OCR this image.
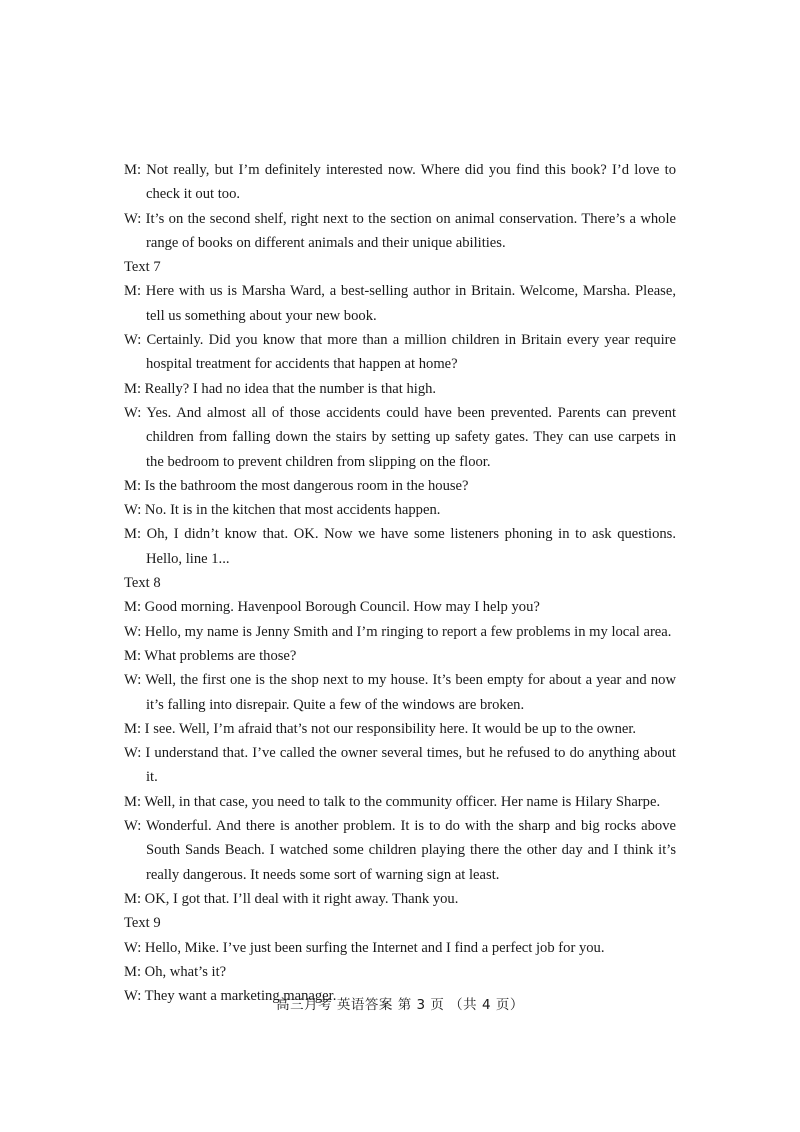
M: Not really, but I’m definitely interested now. Where did you find this book? I’d love to check it out too.
W: It’s on the second shelf, right next to the section on animal conservation. There’s a whole range of books on different animals and their unique abilities.
Text 7
M: Here with us is Marsha Ward, a best-selling author in Britain. Welcome, Marsha. Please, tell us something about your new book.
W: Certainly. Did you know that more than a million children in Britain every year require hospital treatment for accidents that happen at home?
M: Really? I had no idea that the number is that high.
W: Yes. And almost all of those accidents could have been prevented. Parents can prevent children from falling down the stairs by setting up safety gates. They can use carpets in the bedroom to prevent children from slipping on the floor.
M: Is the bathroom the most dangerous room in the house?
W: No. It is in the kitchen that most accidents happen.
M: Oh, I didn’t know that. OK. Now we have some listeners phoning in to ask questions. Hello, line 1...
Text 8
M: Good morning. Havenpool Borough Council. How may I help you?
W: Hello, my name is Jenny Smith and I’m ringing to report a few problems in my local area.
M: What problems are those?
W: Well, the first one is the shop next to my house. It’s been empty for about a year and now it’s falling into disrepair. Quite a few of the windows are broken.
M: I see. Well, I’m afraid that’s not our responsibility here. It would be up to the owner.
W: I understand that. I’ve called the owner several times, but he refused to do anything about it.
M: Well, in that case, you need to talk to the community officer. Her name is Hilary Sharpe.
W: Wonderful. And there is another problem. It is to do with the sharp and big rocks above South Sands Beach. I watched some children playing there the other day and I think it’s really dangerous. It needs some sort of warning sign at least.
M: OK, I got that. I’ll deal with it right away. Thank you.
Text 9
W: Hello, Mike. I’ve just been surfing the Internet and I find a perfect job for you.
M: Oh, what’s it?
W: They want a marketing manager.
高三月考 英语答案 第 3 页 （共 4 页）
